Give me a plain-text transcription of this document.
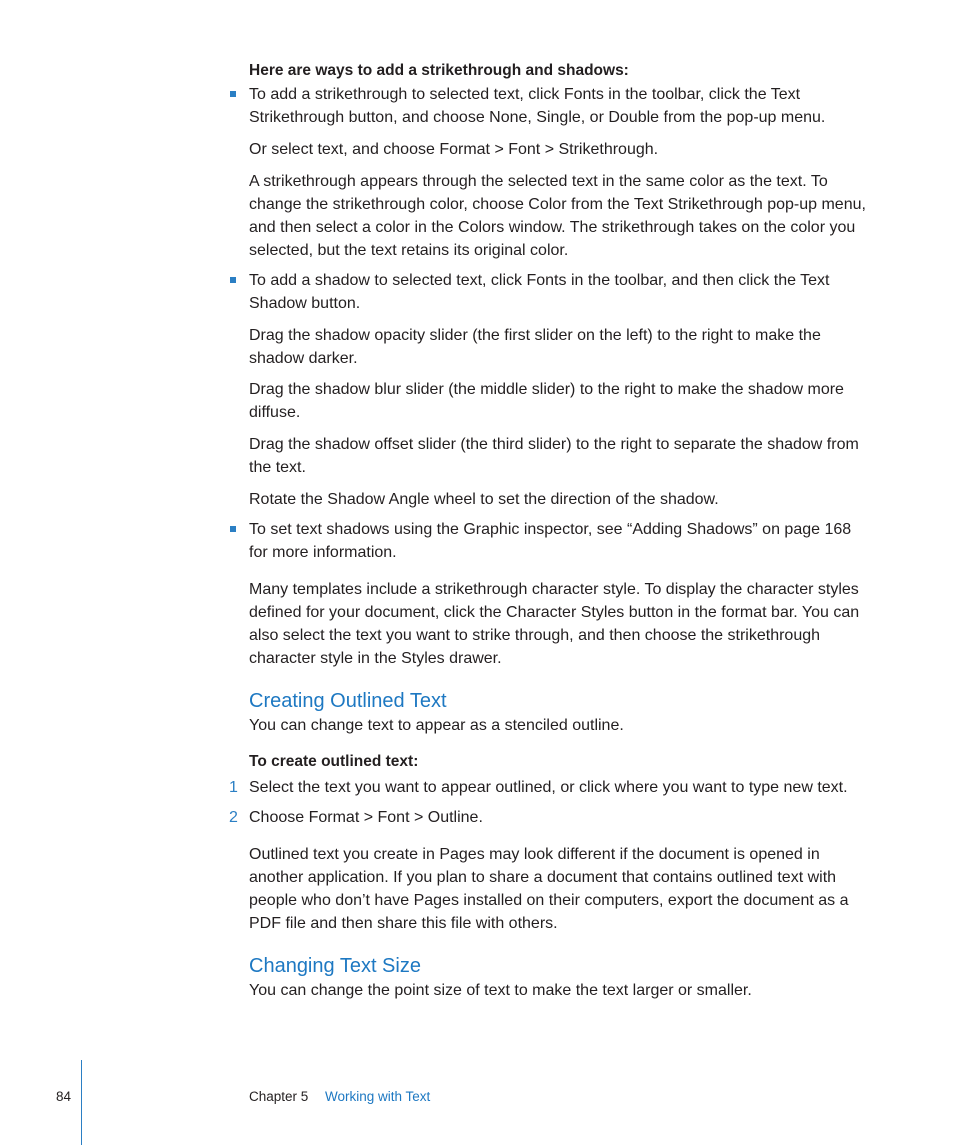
Here are ways to add a strikethrough and shadows:

To add a strikethrough to selected text, click Fonts in the toolbar, click the Text Strikethrough button, and choose None, Single, or Double from the pop-up menu.

Or select text, and choose Format > Font > Strikethrough.

A strikethrough appears through the selected text in the same color as the text. To change the strikethrough color, choose Color from the Text Strikethrough pop-up menu, and then select a color in the Colors window. The strikethrough takes on the color you selected, but the text retains its original color.

To add a shadow to selected text, click Fonts in the toolbar, and then click the Text Shadow button.

Drag the shadow opacity slider (the first slider on the left) to the right to make the shadow darker.

Drag the shadow blur slider (the middle slider) to the right to make the shadow more diffuse.

Drag the shadow offset slider (the third slider) to the right to separate the shadow from the text.

Rotate the Shadow Angle wheel to set the direction of the shadow.

To set text shadows using the Graphic inspector, see “Adding Shadows” on page 168 for more information.

Many templates include a strikethrough character style. To display the character styles defined for your document, click the Character Styles button in the format bar. You can also select the text you want to strike through, and then choose the strikethrough character style in the Styles drawer.

Creating Outlined Text

You can change text to appear as a stenciled outline.

To create outlined text:

1 Select the text you want to appear outlined, or click where you want to type new text.

2 Choose Format > Font > Outline.

Outlined text you create in Pages may look different if the document is opened in another application. If you plan to share a document that contains outlined text with people who don’t have Pages installed on their computers, export the document as a PDF file and then share this file with others.

Changing Text Size

You can change the point size of text to make the text larger or smaller.

84	Chapter 5 Working with Text
